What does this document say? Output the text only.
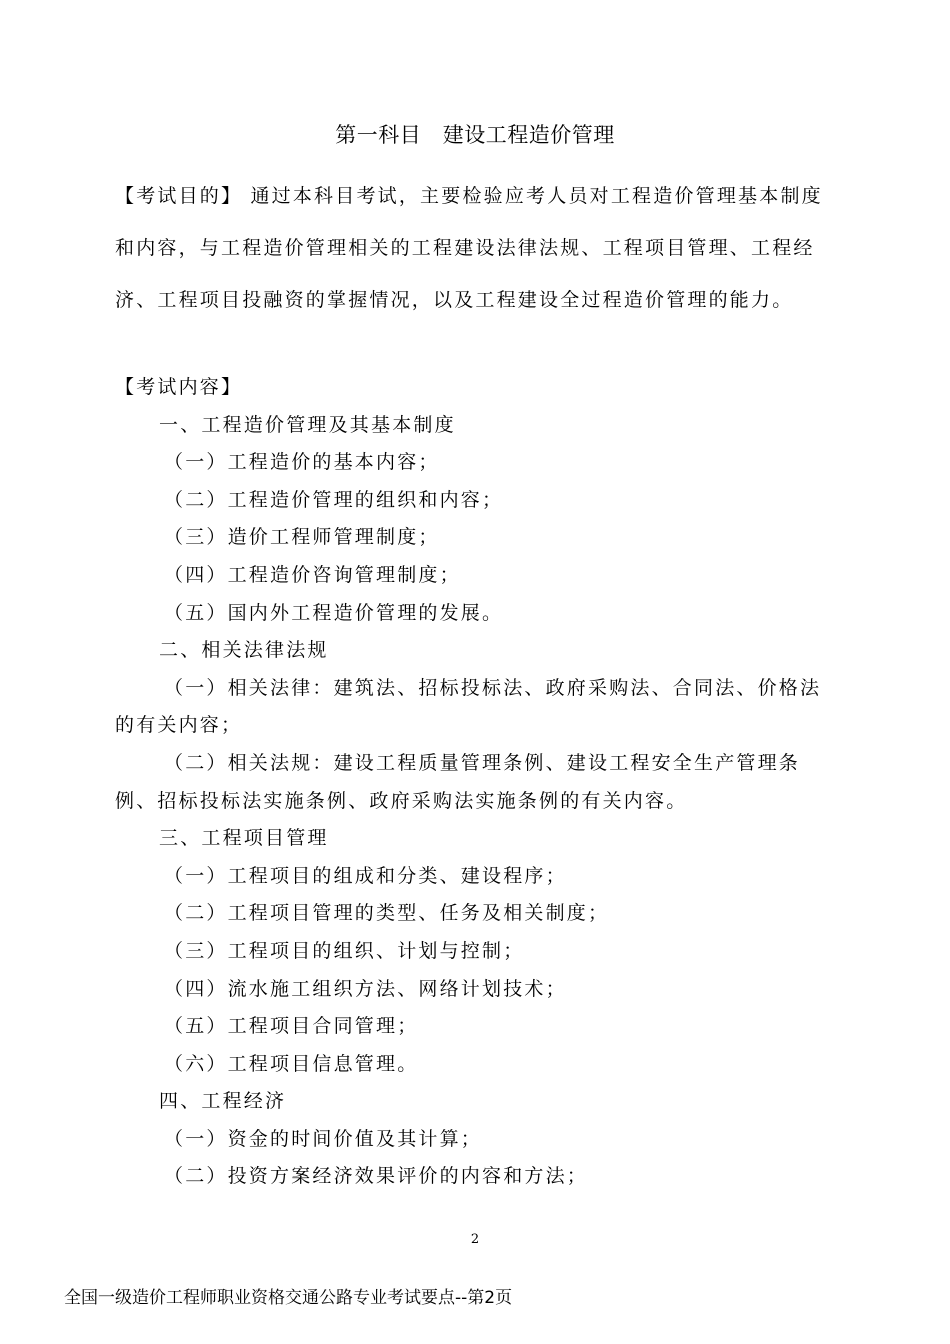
第一科目　建设工程造价管理
【考试目的】 通过本科目考试，主要检验应考人员对工程造价管理基本制度和内容，与工程造价管理相关的工程建设法律法规、工程项目管理、工程经济、工程项目投融资的掌握情况，以及工程建设全过程造价管理的能力。

【考试内容】

一、工程造价管理及其基本制度

（一）工程造价的基本内容；

（二）工程造价管理的组织和内容；

（三）造价工程师管理制度；

（四）工程造价咨询管理制度；

（五）国内外工程造价管理的发展。

二、相关法律法规

（一）相关法律：建筑法、招标投标法、政府采购法、合同法、价格法的有关内容；

（二）相关法规：建设工程质量管理条例、建设工程安全生产管理条例、招标投标法实施条例、政府采购法实施条例的有关内容。

三、工程项目管理

（一）工程项目的组成和分类、建设程序；

（二）工程项目管理的类型、任务及相关制度；

（三）工程项目的组织、计划与控制；

（四）流水施工组织方法、网络计划技术；

（五）工程项目合同管理；

（六）工程项目信息管理。

四、工程经济

（一）资金的时间价值及其计算；

（二）投资方案经济效果评价的内容和方法；

2
全国一级造价工程师职业资格交通公路专业考试要点--第2页
